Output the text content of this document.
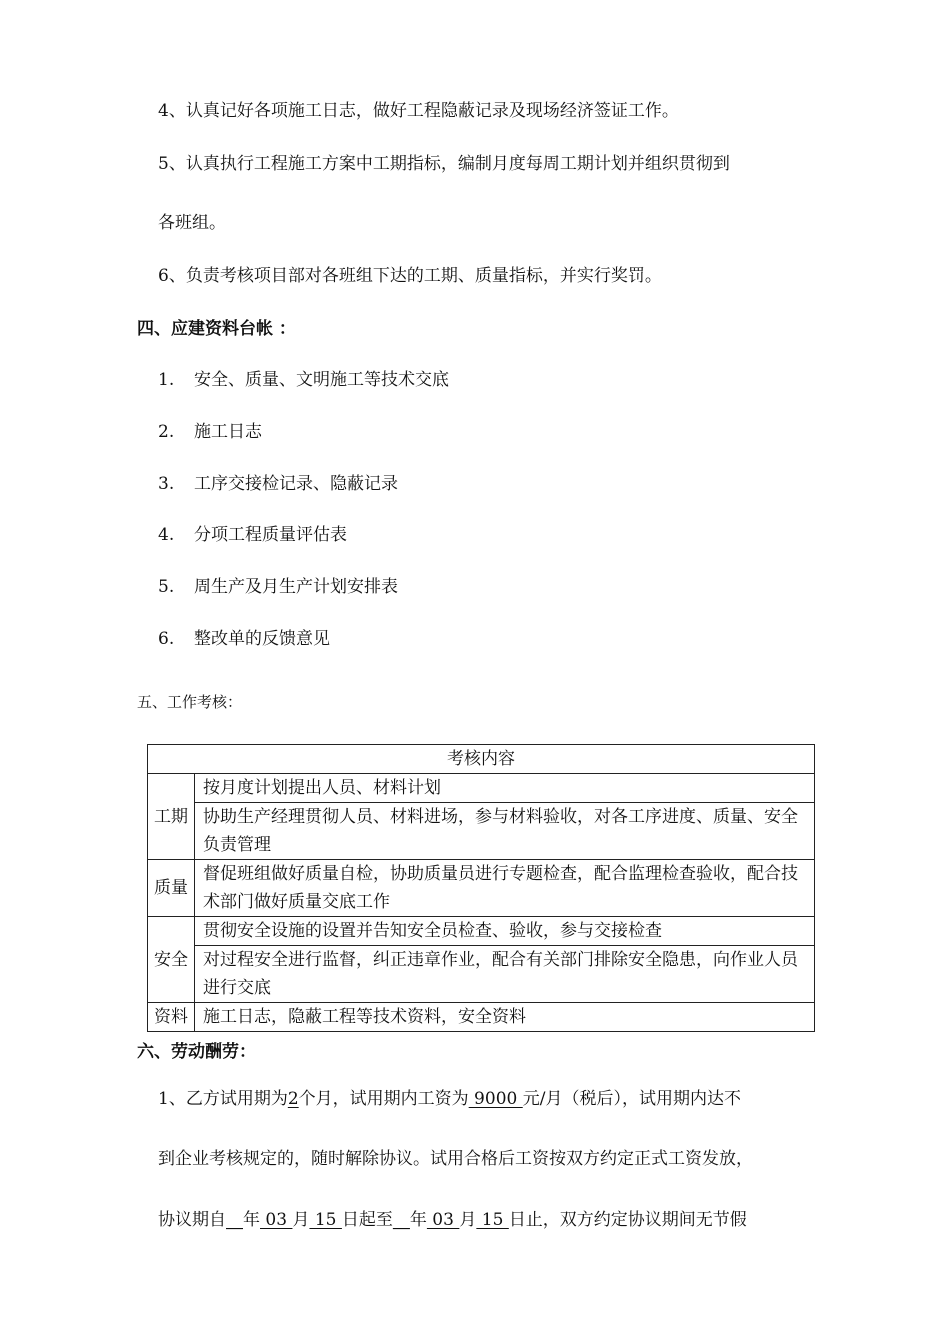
4、认真记好各项施工日志，做好工程隐蔽记录及现场经济签证工作。
5、认真执行工程施工方案中工期指标，编制月度每周工期计划并组织贯彻到
各班组。
6、负责考核项目部对各班组下达的工期、质量指标，并实行奖罚。
四、应建资料台帐 ：
1. 安全、质量、文明施工等技术交底
2. 施工日志
3. 工序交接检记录、隐蔽记录
4. 分项工程质量评估表
5. 周生产及月生产计划安排表
6. 整改单的反馈意见
五、工作考核：
考核内容	
工期	按月度计划提出人员、材料计划
	协助生产经理贯彻人员、材料进场，参与材料验收，对各工序进度、质量、安全负责管理
质量	督促班组做好质量自检，协助质量员进行专题检查，配合监理检查验收，配合技术部门做好质量交底工作
安全	贯彻安全设施的设置并告知安全员检查、验收，参与交接检查
	对过程安全进行监督，纠正违章作业，配合有关部门排除安全隐患，向作业人员进行交底
资料	施工日志，隐蔽工程等技术资料，安全资料
六、劳动酬劳：
1、乙方试用期为2个月，试用期内工资为 9000 元/月（税后），试用期内达不
到企业考核规定的，随时解除协议。试用合格后工资按双方约定正式工资发放，
协议期自__年 03 月 15 日起至__年 03 月 15 日止，双方约定协议期间无节假
